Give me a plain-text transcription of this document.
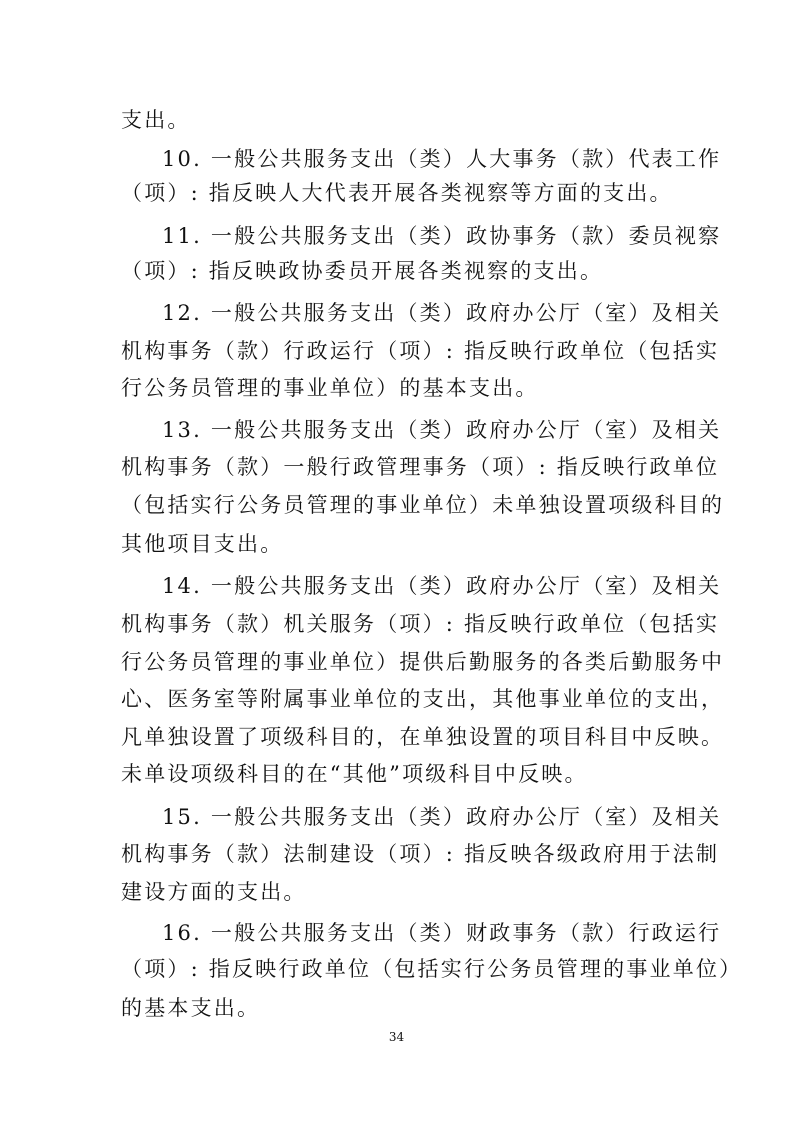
支出。
10. 一般公共服务支出（类）人大事务（款）代表工作
（项）: 指反映人大代表开展各类视察等方面的支出。
11. 一般公共服务支出（类）政协事务（款）委员视察
（项）: 指反映政协委员开展各类视察的支出。
12. 一般公共服务支出（类）政府办公厅（室）及相关
机构事务（款）行政运行（项）: 指反映行政单位（包括实
行公务员管理的事业单位）的基本支出。
13. 一般公共服务支出（类）政府办公厅（室）及相关
机构事务（款）一般行政管理事务（项）: 指反映行政单位
（包括实行公务员管理的事业单位）未单独设置项级科目的
其他项目支出。
14. 一般公共服务支出（类）政府办公厅（室）及相关
机构事务（款）机关服务（项）: 指反映行政单位（包括实
行公务员管理的事业单位）提供后勤服务的各类后勤服务中
心、医务室等附属事业单位的支出，其他事业单位的支出，
凡单独设置了项级科目的，在单独设置的项目科目中反映。
未单设项级科目的在“其他”项级科目中反映。
15. 一般公共服务支出（类）政府办公厅（室）及相关
机构事务（款）法制建设（项）: 指反映各级政府用于法制
建设方面的支出。
16. 一般公共服务支出（类）财政事务（款）行政运行
（项）: 指反映行政单位（包括实行公务员管理的事业单位）
的基本支出。
34
